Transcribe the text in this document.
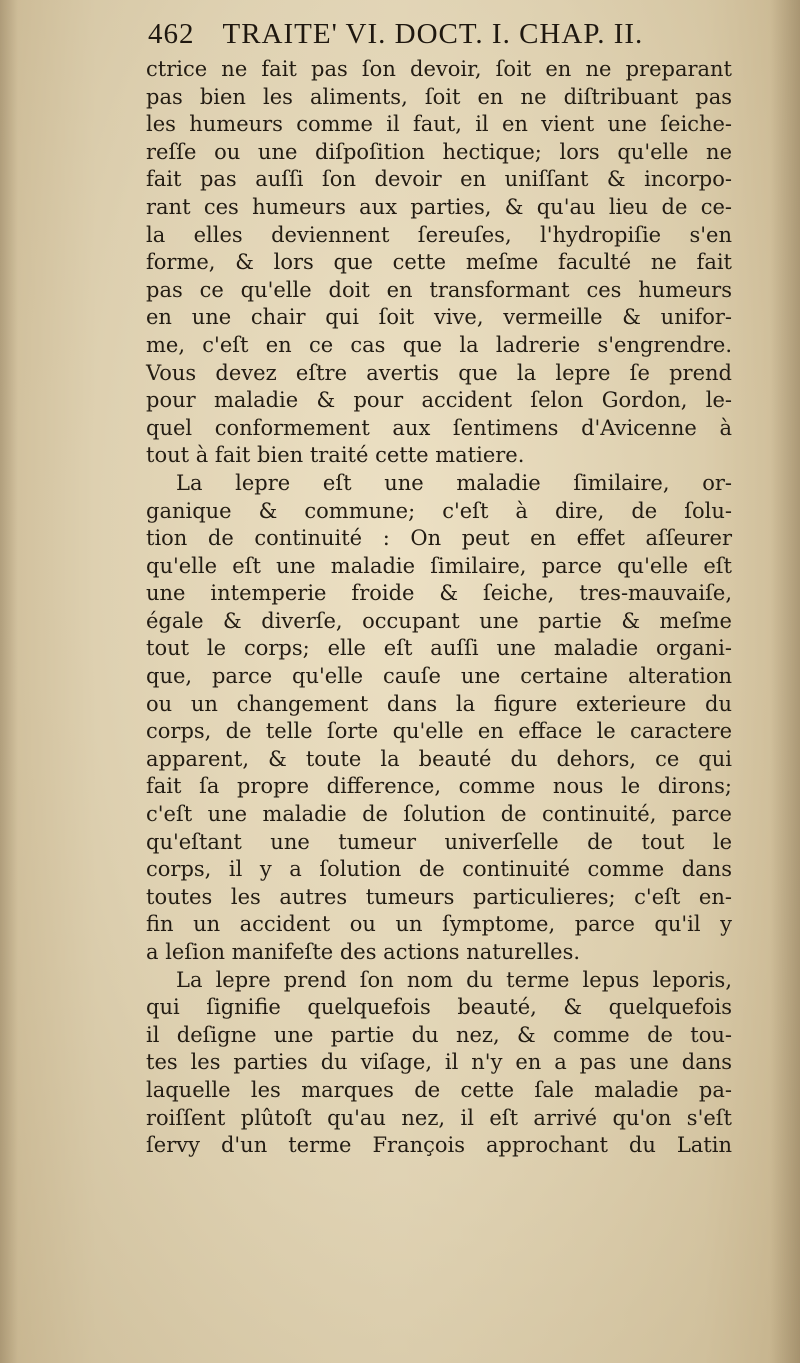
462 TRAITE' VI. DOCT. I. CHAP. II.
ctrice ne fait pas ſon devoir, ſoit en ne preparant
pas bien les aliments, ſoit en ne diſtribuant pas
les humeurs comme il faut, il en vient une ſeiche-
reſſe ou une diſpoſition hectique; lors qu'elle ne
fait pas auſſi ſon devoir en uniſſant & incorpo-
rant ces humeurs aux parties, & qu'au lieu de ce-
la elles deviennent ſereuſes, l'hydropiſie s'en
forme, & lors que cette meſme faculté ne fait
pas ce qu'elle doit en transformant ces humeurs
en une chair qui ſoit vive, vermeille & unifor-
me, c'eſt en ce cas que la ladrerie s'engrendre.
Vous devez eſtre avertis que la lepre ſe prend
pour maladie & pour accident ſelon Gordon, le-
quel conformement aux ſentimens d'Avicenne à
tout à fait bien traité cette matiere.
La lepre eſt une maladie ſimilaire, or-
ganique & commune; c'eſt à dire, de ſolu-
tion de continuité : On peut en effet aſſeurer
qu'elle eſt une maladie ſimilaire, parce qu'elle eſt
une intemperie froide & ſeiche, tres-mauvaiſe,
égale & diverſe, occupant une partie & meſme
tout le corps; elle eſt auſſi une maladie organi-
que, parce qu'elle cauſe une certaine alteration
ou un changement dans la figure exterieure du
corps, de telle ſorte qu'elle en efface le caractere
apparent, & toute la beauté du dehors, ce qui
fait ſa propre difference, comme nous le dirons;
c'eſt une maladie de ſolution de continuité, parce
qu'eſtant une tumeur univerſelle de tout le
corps, il y a ſolution de continuité comme dans
toutes les autres tumeurs particulieres; c'eſt en-
fin un accident ou un ſymptome, parce qu'il y
a leſion manifeſte des actions naturelles.
La lepre prend ſon nom du terme lepus leporis,
qui ſignifie quelquefois beauté, & quelquefois
il deſigne une partie du nez, & comme de tou-
tes les parties du viſage, il n'y en a pas une dans
laquelle les marques de cette ſale maladie pa-
roiſſent plûtoſt qu'au nez, il eſt arrivé qu'on s'eſt
ſervy d'un terme François approchant du Latin
